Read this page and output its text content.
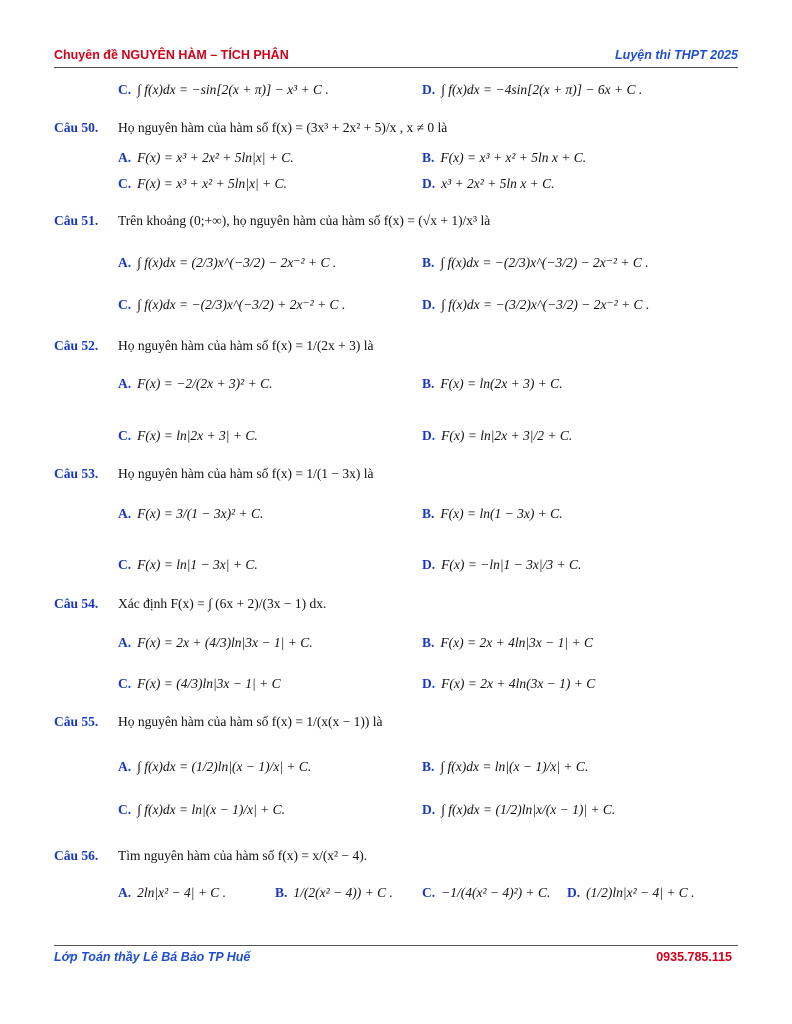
Chuyên đề NGUYÊN HÀM – TÍCH PHÂN	Luyện thi THPT 2025
C. ∫ f(x)dx = −sin[2(x + π)] − x³ + C .	D. ∫ f(x)dx = −4sin[2(x + π)] − 6x + C .
Câu 50. Họ nguyên hàm của hàm số f(x) = (3x³ + 2x² + 5)/x , x ≠ 0 là
A. F(x) = x³ + 2x² + 5ln|x| + C.	B. F(x) = x³ + x² + 5ln x + C.
C. F(x) = x³ + x² + 5ln|x| + C.	D. x³ + 2x² + 5ln x + C.
Câu 51. Trên khoảng (0;+∞), họ nguyên hàm của hàm số f(x) = (√x + 1)/x³ là
A. ∫ f(x)dx = (2/3)x^(−3/2) − 2x⁻² + C .	B. ∫ f(x)dx = −(2/3)x^(−3/2) − 2x⁻² + C .
C. ∫ f(x)dx = −(2/3)x^(−3/2) + 2x⁻² + C .	D. ∫ f(x)dx = −(3/2)x^(−3/2) − 2x⁻² + C .
Câu 52. Họ nguyên hàm của hàm số f(x) = 1/(2x + 3) là
A. F(x) = −2/(2x + 3)² + C.	B. F(x) = ln(2x + 3) + C.
C. F(x) = ln|2x + 3| + C.	D. F(x) = ln|2x + 3|/2 + C.
Câu 53. Họ nguyên hàm của hàm số f(x) = 1/(1 − 3x) là
A. F(x) = 3/(1 − 3x)² + C.	B. F(x) = ln(1 − 3x) + C.
C. F(x) = ln|1 − 3x| + C.	D. F(x) = −ln|1 − 3x|/3 + C.
Câu 54. Xác định F(x) = ∫ (6x + 2)/(3x − 1) dx.
A. F(x) = 2x + (4/3)ln|3x − 1| + C.	B. F(x) = 2x + 4ln|3x − 1| + C
C. F(x) = (4/3)ln|3x − 1| + C	D. F(x) = 2x + 4ln(3x − 1) + C
Câu 55. Họ nguyên hàm của hàm số f(x) = 1/(x(x − 1)) là
A. ∫ f(x)dx = (1/2)ln|(x − 1)/x| + C.	B. ∫ f(x)dx = ln|(x − 1)/x| + C.
C. ∫ f(x)dx = ln|(x − 1)/x| + C.	D. ∫ f(x)dx = (1/2)ln|x/(x − 1)| + C.
Câu 56. Tìm nguyên hàm của hàm số f(x) = x/(x² − 4).
A. 2ln|x² − 4| + C .	B. 1/(2(x² − 4)) + C . C. −1/(4(x² − 4)²) + C. D. (1/2)ln|x² − 4| + C .
Lớp Toán thầy Lê Bá Bảo TP Huế	0935.785.115
